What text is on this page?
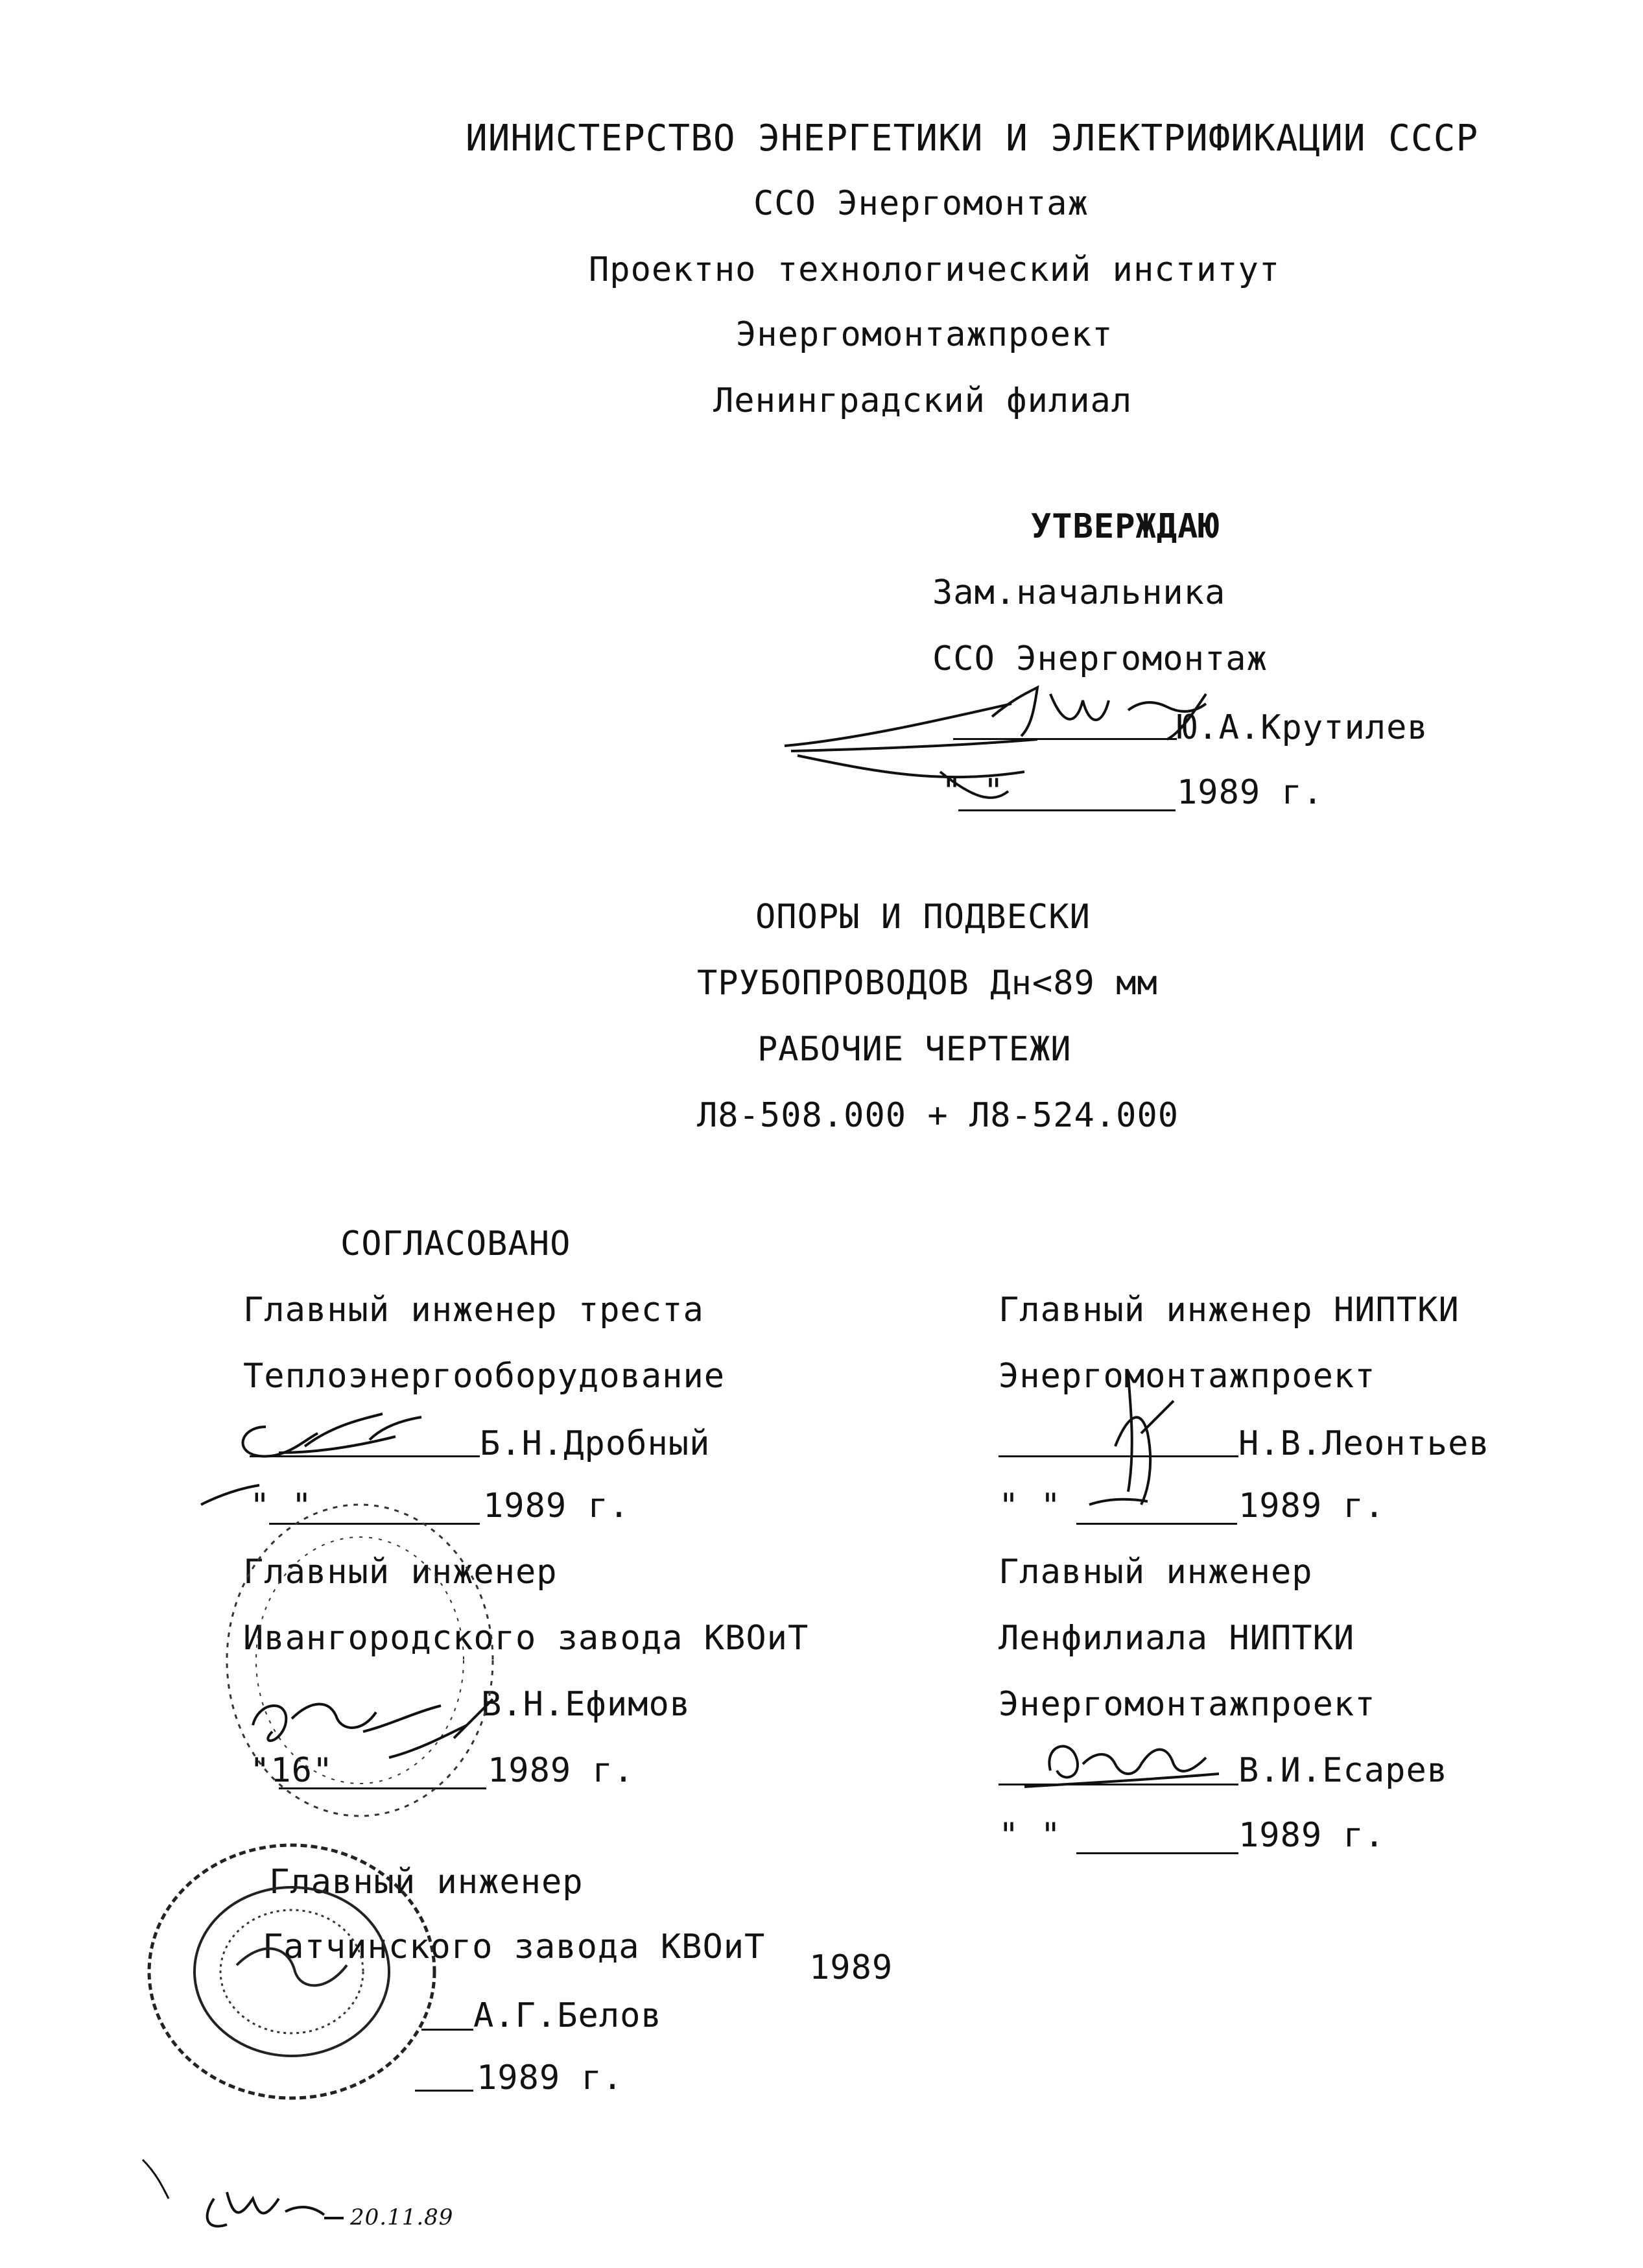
ИИНИСТЕРСТВО ЭНЕРГЕТИКИ И ЭЛЕКТРИФИКАЦИИ СССР
ССО Энергомонтаж
Проектно технологический институт
Энергомонтажпроект
Ленинградский филиал
УТВЕРЖДАЮ
Зам.начальника
ССО Энергомонтаж
Ю.А.Крутилев
" "	1989 г.
ОПОРЫ И ПОДВЕСКИ
ТРУБОПРОВОДОВ Дн<89 мм
РАБОЧИЕ ЧЕРТЕЖИ
Л8-508.000 + Л8-524.000
СОГЛАСОВАНО
Главный инженер треста
Теплоэнергооборудование
Б.Н.Дробный
" "	1989 г.
Главный инженер
Ивангородского завода КВОиТ
В.Н.Ефимов
"16"	1989 г.
Главный инженер
Гатчинского завода КВОиТ
А.Г.Белов
1989 г.
20.11.89
1989
Главный инженер НИПТКИ
Энергомонтажпроект
Н.В.Леонтьев
" "	1989 г.
Главный инженер
Ленфилиала НИПТКИ
Энергомонтажпроект
В.И.Есарев
" "	1989 г.
